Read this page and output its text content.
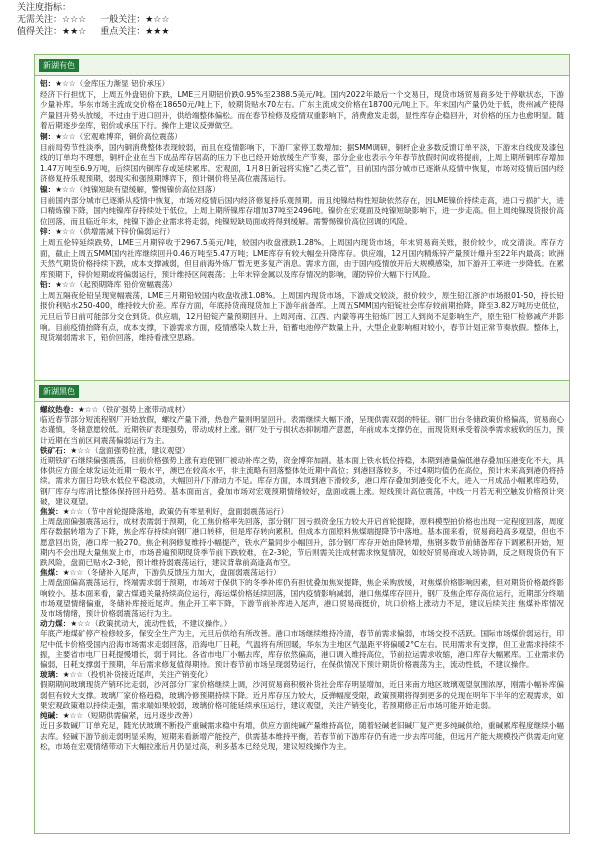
关注度指标：
无需关注：☆☆☆ 一般关注：★☆☆
值得关注：★★☆ 重点关注：★★★
新湖有色
铝：★☆☆（金库压力渐显 铝价承压）
经济下行担忧下，上周五外盘铝价下跌，LME三月期铝价跌0.95%至2388.5美元/吨。国内2022年最后一个交易日，现货市场贸易商多处于停歇状态，下游少量补库。华东市场主流成交价格在18650元/吨上下，较期货贴水70左右。广东主流成交价格在18700元/吨上下。年末国内产量仍处于低，贵州减产使得产量回升势头放缓，不过由于进口回升，供给端整体偏松。而在春节检修及疫情双重影响下，消费愈发走弱，显性库存企稳回升，对价格的压力也愈明显。随着后期逐步垒库，铝价或承压下行。操作上建议反弹做空。
铜：★☆☆（宏观难博弈，铜价高位震荡）
目前局势节性淡季，国内铜消费整体表现较弱，而且在疫情影响下，下游厂家停工数增加；据SMM调研，铜杆企业多数反馈订单平淡，下游末自线废及漆包线的订单均不理想，铜杆企业在当下成品库存居高的压力下也已经开始放缓生产节奏，部分企业也表示今年春节放假时间或将提前，上周上期所铜库存增加1.47万吨至6.9万吨，后续国内铜库存或延续累库。宏观面，1月8日新冠将实施“乙类乙管”，目前国内部分城市已逐渐从疫情中恢复，市场对疫情后国内经济修复持乐观预期，弱现实和强预期博弈下，预计铜价将呈高位震荡运行。
镍：★☆☆（纯镍短缺有望缓解，警惕镍价高位回落）
目前国内部分城市已逐渐从疫情中恢复，市场对疫情后国内经济修复持乐观预期。而且纯镍结构性短缺依然存在，因LME镍价持续走高，进口亏损扩大，进口精炼镍下降，国内纯镍库存持续处于低位，上周上期所镍库存增加37吨至2496吨。镍价在宏观面及纯镍短缺影响下，进一步走高。但上周纯镍现货报价高位回落，而且临近年末，纯镍下游企业需求将走弱，纯镍短缺局面或将得到缓解。需警惕镍价高位回调的风险。
锌：★☆☆（供增需减下锌价偏弱运行）
上周五伦锌延续跌势，LME三月期锌收于2967.5美元/吨，较国内收盘涨跌1.28%。上周国内现货市场，年末贸易商关账，报价较少，成交清淡。库存方面，截止上周五SMM国内社库继续回升0.46万吨至5.47万吨；LME库存有较大幅垒升降库存。供应端，12月国内精炼锌产量预计爆升至22年内最高；欧洲天然气期货价格持续下跌，成本支撑减弱，但目前海外炼厂暂无更多复产消息。需求方面，由于国内疫情放开后大规模感染，加下游开工率进一步降低。在累库预期下，锌价短期或将偏弱运行，预计维持区间震荡；上年末锌金属以及库存情况的影响，谨防锌价大幅下行风险。
铅：★☆☆（起预期降库 铅价宽幅震荡）
上周五隔夜伦铅呈现宽幅震荡，LME三月期铅较国内收盘收涨1.08%。上周国内现货市场，下游成交较淡，报价较少，原生铅江浙沪市场报01-50，持长铅报价利贴水250-400，维持较大价差。库存方面，年底持货商现货加上下游年前备库。上周五SMM国内铅锭社会库存较前期抬降，降至3.82万吨历史低位，元旦后节日前可能部分交仓到货。供应端，12月铅锭产量预期回升。上周河南、江西、内蒙等再生铅炼厂因工人到岗不足影响生产，原生铅厂检修减产并影响。目前疫情抬降有点，成本支撑，下游需求方面，疫情感染人数上升，铅蓄电池停产数量上升，大型企业影响相对较小，春节计划正常节奏放假。整体上，现货端弱需求下，铅价回落，维持看涨空思路。
新湖黑色
螺纹热卷：★☆☆（铁矿强势上涨带动成材）
临近春节部分短流程钢厂开始放假，螺纹产量下滑，热卷产量则明显回升。表需继续大幅下滑，呈现供需双弱的特征。钢厂出台冬储政策价格偏高，贸易商心态谨慎，冬储意愿较低。近期铁矿表现强势，带动成材上涨。钢厂处于亏损状态抑制增产意愿，年前成本支撑仍在，而现货则承受着淡季需求疲软的压力，预计近期在当前区间震荡偏弱运行为主。
铁矿石：★☆☆（盘面强势拉涨，建议观望）
近期铁矿石继续偏强震荡，目前价格强势上涨有迫使钢厂被动补库之势，资金博弈加剧。基本面上铁水低位持稳，本期到港量偏低港存叠加压港变化不大，具体供应方面全球发运处近期一般水平，澳巴在较高水平，非主流略有回落整体处近期中高位；到港回落较多，不过4期均值仍在高位，预计未来高到港仍将持续。需求方面日均铁水低位平稳波动，大幅回升/下滑动力不足。库存方面，本周到港下滑较多，港口库存叠加到港变化不大，进入一月成品小幅累库趋势，钢厂库存与库消比整体保持回升趋势。基本面而言，叠加市场对宏观预期情绪较好，盘面或震上涨。短线预计高位震荡，中线一月若无利空触发价格预计突破，建议观望。
焦炭：★☆☆（节中首轮提降落地，政策仍有零星利好，盘面弱震荡运行）
上周盘面偏强震荡运行，成材表需弱于预期，化工焦价格率先回落，部分钢厂因亏损资金压力较大开启首轮提降，原料模型拍价格也出现一定程度回落，周度库存数据转增为了下降，焦企库存持续向钢厂港口转移，但是库存转向累积。但成本方面原料焦煤端提降节中落地。基本面来看，贸易商趋高多观望，但也不愿意回出货，港口库一般270。焦企利润修复维持小幅提产，铁水产量同步小幅回升，部分钢厂库存开始由降转增，焦钢多数节前储备库存下调累积开始，短期内不会出现大量焦炭上市，市场普遍预期现货季节前下跌较难，在2-3轮，节后则需关注成材需求恢复情况，如较好贸易商或入场协调，反之则现货仍有下跌风险，盘面已贴水2-3轮，预计维持弱震荡运行，建议背靠前高逢高布空。
焦煤：★☆☆（冬储补入尾声，下游负反馈压力加大，盘面弱震荡运行）
上周盘面偏高震荡运行，终端需求弱于预期，市场对于保供下的冬季补库仍有担忧叠加焦炭提降，焦企采购放缓，对焦煤价格影响因素，但对期货价格最终影响较小。基本面来看，蒙古煤通关量持续高位运行，海运煤价格延续回落，国内疫情影响减弱，港口焦煤库存回升，钢厂及焦企库存高位运行，近期部分终端市场观望情绪偏重，冬储补库接近尾声。焦企开工率下降，下游节前补库进入尾声，港口贸易商挺价，坑口价格上涨动力不足，建议后续关注 焦煤补库情况及市场情绪，预计价格弱震荡运行为主。
动力煤：★☆☆（政策扰动大，流动性低，不建议操作。）
年底产地煤矿停产检修较多，保安全生产为主，元旦后供给有所改善。港口市场继续维持冷清，春节前需求偏弱，市场交投不活跃。国际市场煤价弱运行，印尼中低卡价格受国内沿海市场需求走弱回落，沿海电厂日耗，气温将有所回暖，华东为主地区气温距平将偏暖2°C左右。民用需求有支撑，但工业需求持续不振，主要省市电厂日耗提慢增长，弱于同比。各省市电厂小幅去库，库存依然偏高，港口调入维持高位，节前拉运需求收缩，港口库存大幅累库。工业需求仍偏弱，日耗支撑弱于预期，年后需求修复值得期待。预计春节前市场呈现弱势运行，在保供情况下预计期货价格震荡为主，流动性低，不建议操作。
玻璃：★☆☆（投机补货接近尾声，关注产销变化）
假期期间玻璃现货产销环比走弱，沙河部分厂家价格继续上调，沙河贸易商积极补货社会库存明显增加，近日来南方地区玻璃观望氛围浓厚，刚需小幅补库偏弱但有较大支撑。玻璃厂家价格趋稳，玻璃冷修预期持续下降。近月库存压力较大，反弹幅度受限，政策预期将得到更多的兑现在明年下半年的宏观需求，如果宏观政策难以持续走强，需求端如果较弱，玻璃价格可能延续承压运行，建议观望，关注产销变化，若预期修正后市场可能开始走弱。
纯碱：★☆☆（短期供需偏紧，远月逐步改善）
近日多数碱厂订单充足，随光伏玻璃不断投产重碱需求稳中有增，供应方面纯碱产量维持高位，随着轻碱老旧碱厂复产更多纯碱供给，重碱累库程度继续小幅去库。轻碱下游节前走弱明显采购，短期来看新增产能投产，供需基本维持平衡，若春节前下游库存仍有进一步去库可能，但远月产能大规模投产供需走向宽松，市场在宏观情绪带动下大幅拉涨后月仍显过高，利多基本已经兑现，建议短线操作为主。
